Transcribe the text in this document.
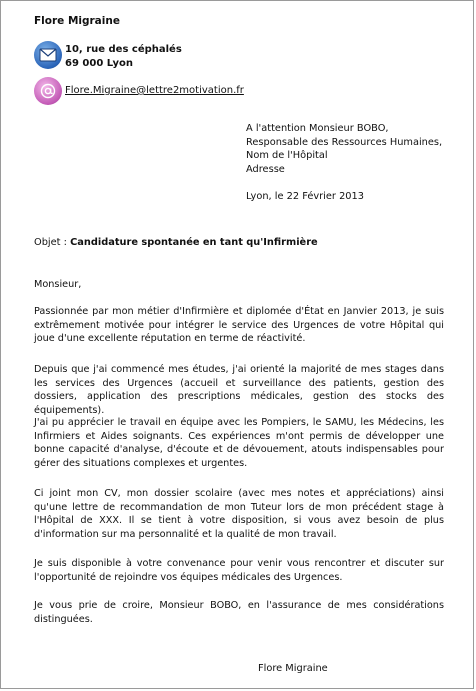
Flore Migraine
10, rue des céphalés
69 000 Lyon
Flore.Migraine@lettre2motivation.fr
A l'attention Monsieur BOBO,
Responsable des Ressources Humaines,
Nom de l'Hôpital
Adresse
Lyon, le 22 Février 2013
Objet : Candidature spontanée en tant qu'Infirmière
Monsieur,
Passionnée par mon métier d'Infirmière et diplomée d'État en Janvier 2013, je suis extrêmement motivée pour intégrer le service des Urgences de votre Hôpital qui joue d'une excellente réputation en terme de réactivité.
Depuis que j'ai commencé mes études, j'ai orienté la majorité de mes stages dans les services des Urgences (accueil et surveillance des patients, gestion des dossiers, application des prescriptions médicales, gestion des stocks des équipements).
J'ai pu apprécier le travail en équipe avec les Pompiers, le SAMU, les Médecins, les Infirmiers et Aides soignants. Ces expériences m'ont permis de développer une bonne capacité d'analyse, d'écoute et de dévouement, atouts indispensables pour gérer des situations complexes et urgentes.
Ci joint mon CV, mon dossier scolaire (avec mes notes et appréciations) ainsi qu'une lettre de recommandation de mon Tuteur lors de mon précédent stage à l'Hôpital de XXX. Il se tient à votre disposition, si vous avez besoin de plus d'information sur ma personnalité et la qualité de mon travail.
Je suis disponible à votre convenance pour venir vous rencontrer et discuter sur l'opportunité de rejoindre vos équipes médicales des Urgences.
Je vous prie de croire, Monsieur BOBO, en l'assurance de mes considérations distinguées.
Flore Migraine
